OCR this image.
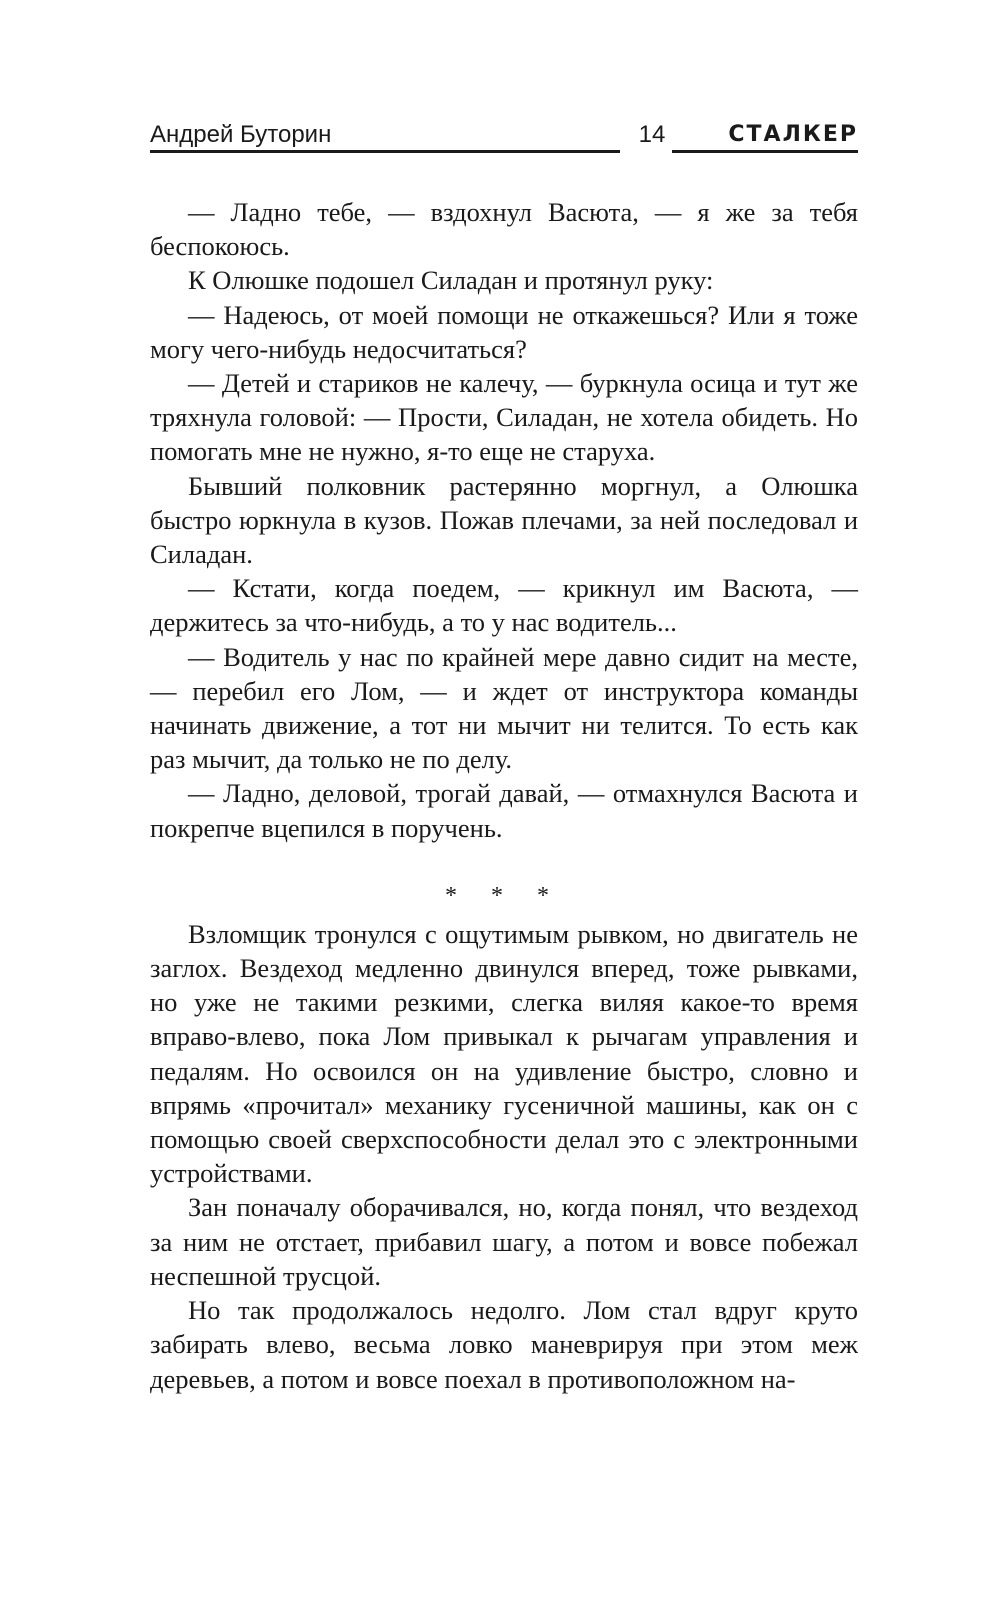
Андрей Буторин	14	СТАЛКЕР

— Ладно тебе, — вздохнул Васюта, — я же за тебя беспокоюсь.

К Олюшке подошел Силадан и протянул руку:

— Надеюсь, от моей помощи не откажешься? Или я тоже могу чего-нибудь недосчитаться?

— Детей и стариков не калечу, — буркнула осица и тут же тряхнула головой: — Прости, Силадан, не хотела обидеть. Но помогать мне не нужно, я-то еще не старуха.

Бывший полковник растерянно моргнул, а Олюшка быстро юркнула в кузов. Пожав плечами, за ней последовал и Силадан.

— Кстати, когда поедем, — крикнул им Васюта, — держитесь за что-нибудь, а то у нас водитель...

— Водитель у нас по крайней мере давно сидит на месте, — перебил его Лом, — и ждет от инструктора команды начинать движение, а тот ни мычит ни телится. То есть как раз мычит, да только не по делу.

— Ладно, деловой, трогай давай, — отмахнулся Васюта и покрепче вцепился в поручень.

* * *

Взломщик тронулся с ощутимым рывком, но двигатель не заглох. Вездеход медленно двинулся вперед, тоже рывками, но уже не такими резкими, слегка виляя какое-то время вправо-влево, пока Лом привыкал к рычагам управления и педалям. Но освоился он на удивление быстро, словно и впрямь «прочитал» механику гусеничной машины, как он с помощью своей сверхспособности делал это с электронными устройствами.

Зан поначалу оборачивался, но, когда понял, что вездеход за ним не отстает, прибавил шагу, а потом и вовсе побежал неспешной трусцой.

Но так продолжалось недолго. Лом стал вдруг круто забирать влево, весьма ловко маневрируя при этом меж деревьев, а потом и вовсе поехал в противоположном на-
